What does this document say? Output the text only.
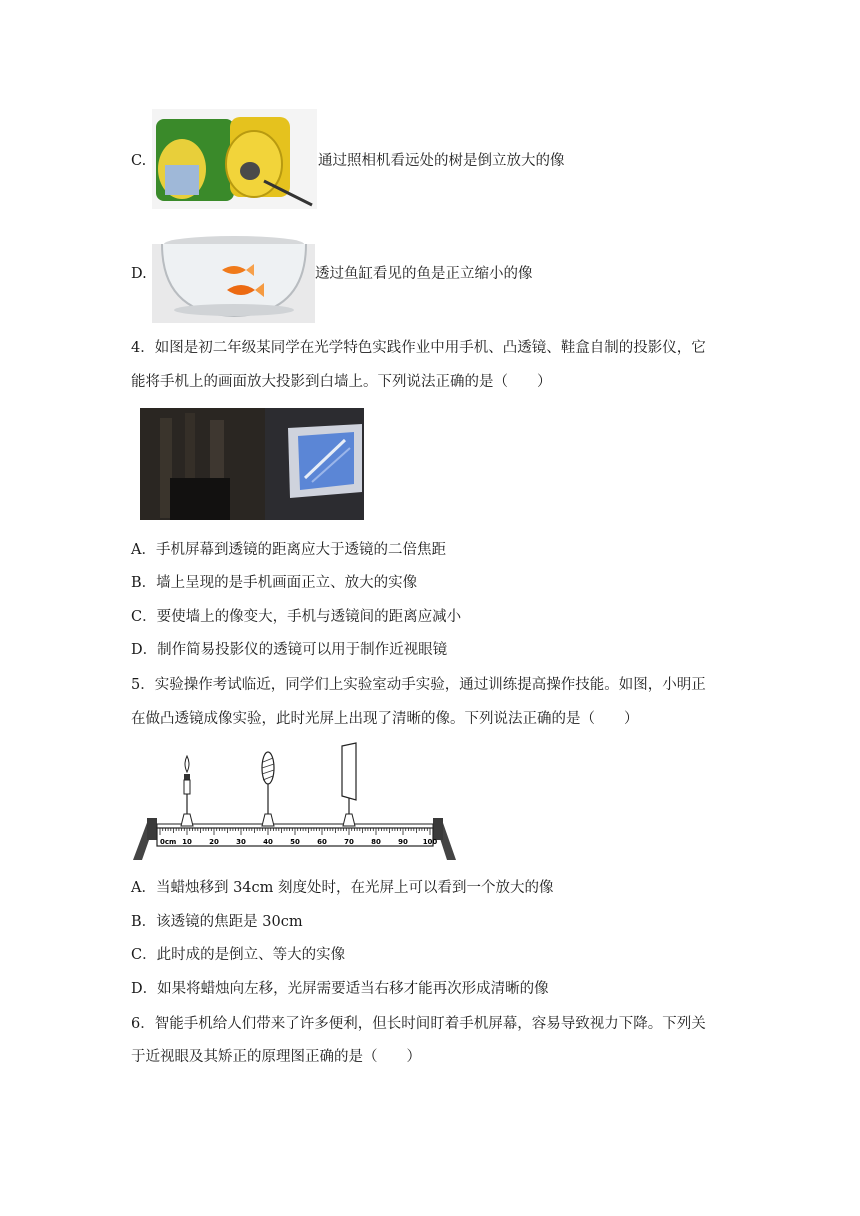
C.	通过照相机看远处的树是倒立放大的像
D.	透过鱼缸看见的鱼是正立缩小的像
4．如图是初二年级某同学在光学特色实践作业中用手机、凸透镜、鞋盒自制的投影仪，它
能将手机上的画面放大投影到白墙上。下列说法正确的是（　　）
A．手机屏幕到透镜的距离应大于透镜的二倍焦距
B．墙上呈现的是手机画面正立、放大的实像
C．要使墙上的像变大，手机与透镜间的距离应减小
D．制作简易投影仪的透镜可以用于制作近视眼镜
5．实验操作考试临近，同学们上实验室动手实验，通过训练提高操作技能。如图，小明正
在做凸透镜成像实验，此时光屏上出现了清晰的像。下列说法正确的是（　　）
0cm 10 20 30 40 50 60 70 80 90 100
A．当蜡烛移到 34cm 刻度处时，在光屏上可以看到一个放大的像
B．该透镜的焦距是 30cm
C．此时成的是倒立、等大的实像
D．如果将蜡烛向左移，光屏需要适当右移才能再次形成清晰的像
6．智能手机给人们带来了许多便利，但长时间盯着手机屏幕，容易导致视力下降。下列关
于近视眼及其矫正的原理图正确的是（　　）
